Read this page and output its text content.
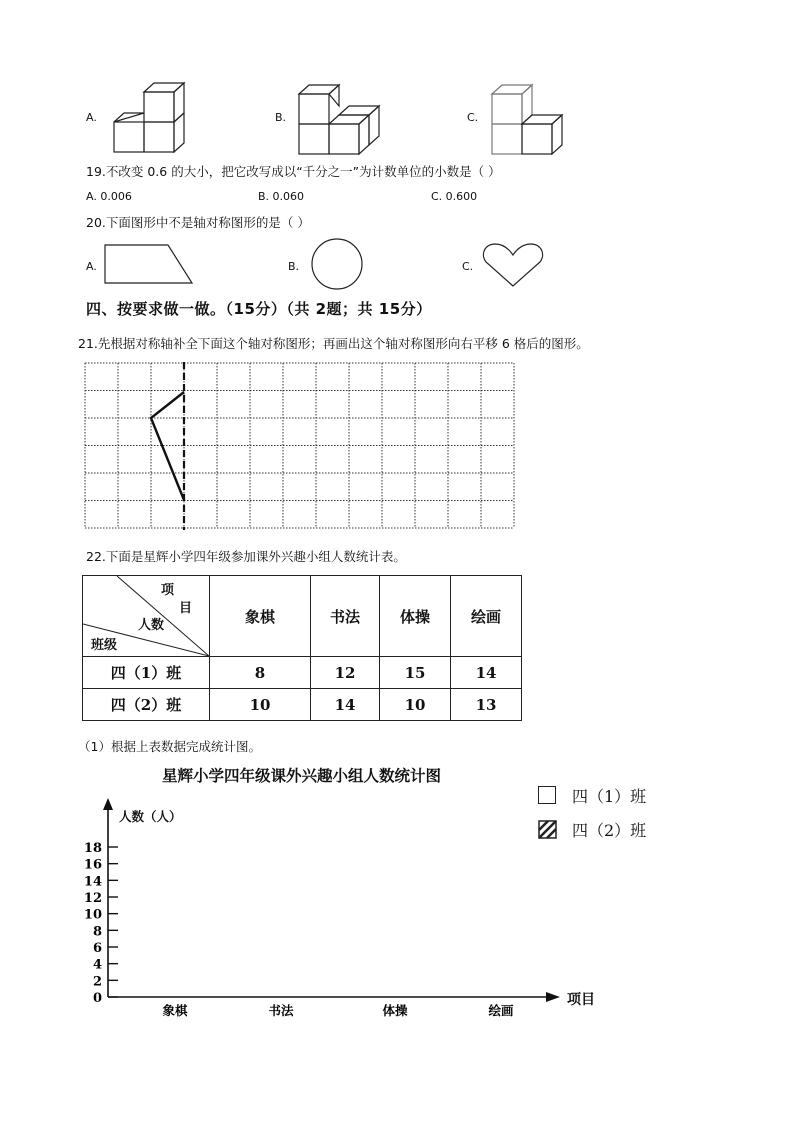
A.	B.	C.
19.不改变 0.6 的大小，把它改写成以“千分之一”为计数单位的小数是（ ）
A. 0.006	B. 0.060	C. 0.600
20.下面图形中不是轴对称图形的是（ ）
A.	B.	C.
四、按要求做一做。（15分）（共 2题；共 15分）
21.先根据对称轴补全下面这个轴对称图形；再画出这个轴对称图形向右平移 6 格后的图形。
22.下面是星辉小学四年级参加课外兴趣小组人数统计表。
项
目
人数
班级	象棋	书法	体操	绘画
四（1）班	8	12	15	14
四（2）班	10	14	10	13
（1）根据上表数据完成统计图。
星辉小学四年级课外兴趣小组人数统计图
四（1）班
四（2）班
人数（人）
项目
0
2
4
6
8
10
12
14
16
18
象棋	书法	体操	绘画
